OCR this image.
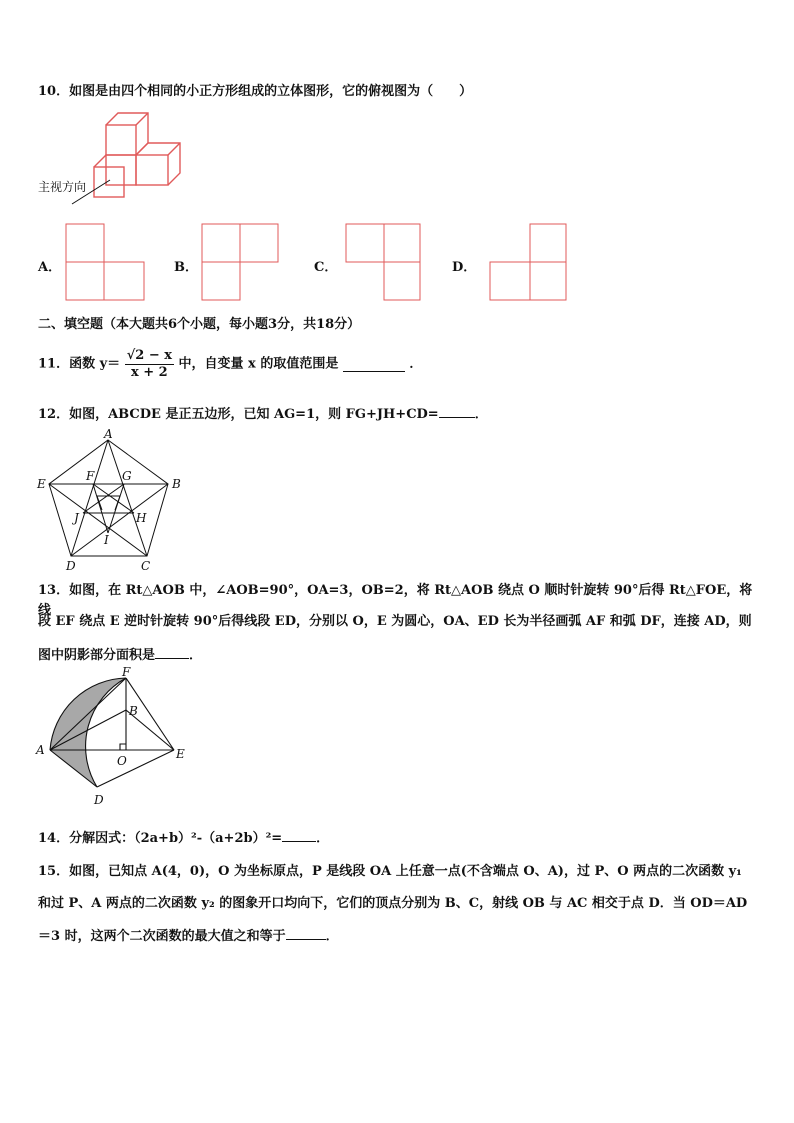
10．如图是由四个相同的小正方形组成的立体图形，它的俯视图为（　　）
主视方向
A．	B．	C．	D．
二、填空题（本大题共6个小题，每小题3分，共18分）
11．函数 $y= \frac{√2 - x}{x + 2}$ 中，自变量 x 的取值范围是	．
12．如图，ABCDE 是正五边形，已知 AG=1，则 FG+JH+CD=	．
A
B
C
D
E
F G
H
I
J
13．如图，在 Rt△AOB 中，∠AOB=90°，OA=3，OB=2，将 Rt△AOB 绕点 O 顺时针旋转 90°后得 Rt△FOE，将线
段 EF 绕点 E 逆时针旋转 90°后得线段 ED，分别以 O，E 为圆心，OA、ED 长为半径画弧 AF 和弧 DF，连接 AD，则
图中阴影部分面积是	．
F
B
A
O	E
D
14．分解因式：（2a+b）²-（a+2b）²=	．
15．如图，已知点 A(4，0)，O 为坐标原点，P 是线段 OA 上任意一点(不含端点 O、A)，过 P、O 两点的二次函数 y₁
和过 P、A 两点的二次函数 y₂ 的图象开口均向下，它们的顶点分别为 B、C，射线 OB 与 AC 相交于点 D．当 OD＝AD
＝3 时，这两个二次函数的最大值之和等于	．
